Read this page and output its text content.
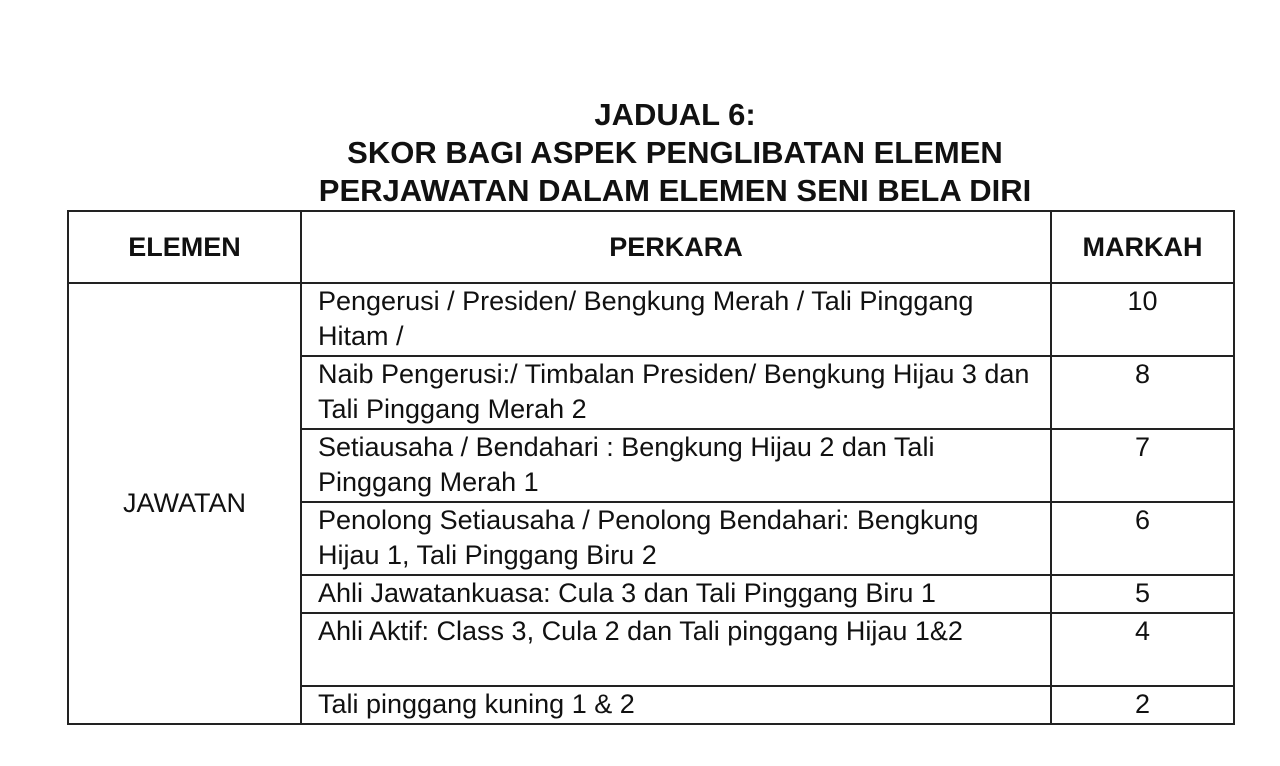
JADUAL 6:
SKOR BAGI ASPEK PENGLIBATAN ELEMEN
PERJAWATAN DALAM ELEMEN SENI BELA DIRI
ELEMEN	PERKARA	MARKAH
JAWATAN	Pengerusi / Presiden/ Bengkung Merah / Tali Pinggang Hitam /	10
	Naib Pengerusi:/ Timbalan Presiden/ Bengkung Hijau 3 dan Tali Pinggang Merah 2	8
	Setiausaha / Bendahari : Bengkung Hijau 2 dan Tali Pinggang Merah 1	7
	Penolong Setiausaha / Penolong Bendahari: Bengkung Hijau 1, Tali Pinggang Biru 2	6
	Ahli Jawatankuasa: Cula 3 dan Tali Pinggang Biru 1	5
	Ahli Aktif: Class 3, Cula 2 dan Tali pinggang Hijau 1&2	4
	Tali pinggang kuning 1 & 2	2
